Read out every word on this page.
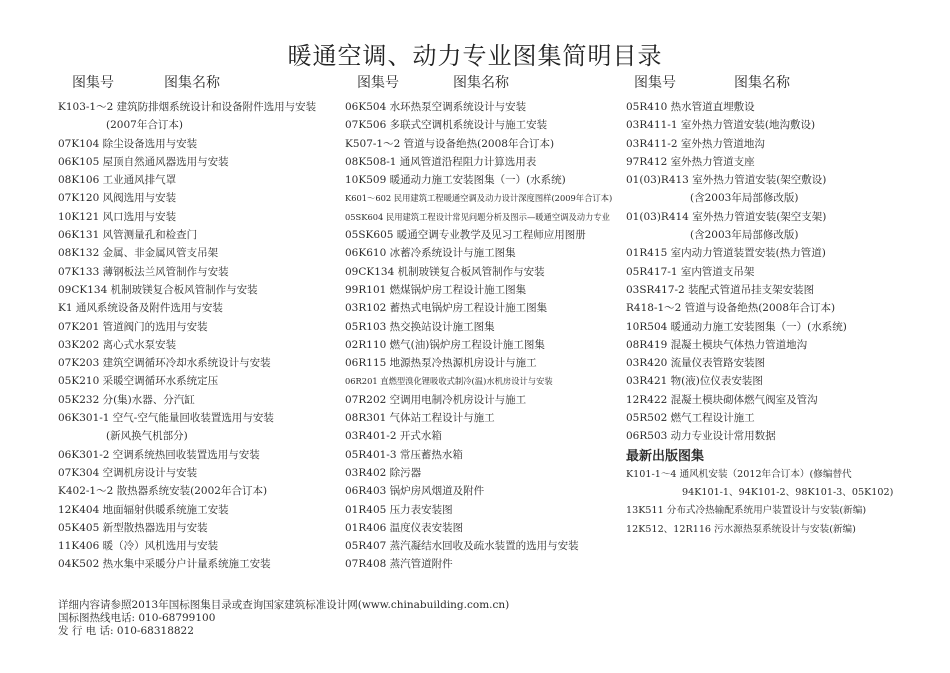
暖通空调、动力专业图集简明目录
图集号	图集名称
K103-1～2 建筑防排烟系统设计和设备附件选用与安装
(2007年合订本)
07K104 除尘设备选用与安装
06K105 屋顶自然通风器选用与安装
08K106 工业通风排气罩
07K120 风阀选用与安装
10K121 风口选用与安装
06K131 风管测量孔和检查门
08K132 金属、非金属风管支吊架
07K133 薄钢板法兰风管制作与安装
09CK134 机制玻镁复合板风管制作与安装
K1 通风系统设备及附件选用与安装
07K201 管道阀门的选用与安装
03K202 离心式水泵安装
07K203 建筑空调循环冷却水系统设计与安装
05K210 采暖空调循环水系统定压
05K232 分(集)水器、分汽缸
06K301-1 空气-空气能量回收装置选用与安装
(新风换气机部分)
06K301-2 空调系统热回收装置选用与安装
07K304 空调机房设计与安装
K402-1～2 散热器系统安装(2002年合订本)
12K404 地面辐射供暖系统施工安装
05K405 新型散热器选用与安装
11K406 暖（冷）风机选用与安装
04K502 热水集中采暖分户计量系统施工安装
图集号	图集名称
06K504 水环热泵空调系统设计与安装
07K506 多联式空调机系统设计与施工安装
K507-1～2 管道与设备绝热(2008年合订本)
08K508-1 通风管道沿程阻力计算选用表
10K509 暖通动力施工安装图集（一）(水系统)
K601～602 民用建筑工程暖通空调及动力设计深度图样(2009年合订本)
05SK604 民用建筑工程设计常见问题分析及图示—暖通空调及动力专业
05SK605 暖通空调专业教学及见习工程师应用图册
06K610 冰蓄冷系统设计与施工图集
09CK134 机制玻镁复合板风管制作与安装
99R101 燃煤锅炉房工程设计施工图集
03R102 蓄热式电锅炉房工程设计施工图集
05R103 热交换站设计施工图集
02R110 燃气(油)锅炉房工程设计施工图集
06R115 地源热泵冷热源机房设计与施工
06R201 直燃型溴化锂吸收式制冷(温)水机房设计与安装
07R202 空调用电制冷机房设计与施工
08R301 气体站工程设计与施工
03R401-2 开式水箱
05R401-3 常压蓄热水箱
03R402 除污器
06R403 锅炉房风烟道及附件
01R405 压力表安装图
01R406 温度仪表安装图
05R407 蒸汽凝结水回收及疏水装置的选用与安装
07R408 蒸汽管道附件
图集号	图集名称
05R410 热水管道直埋敷设
03R411-1 室外热力管道安装(地沟敷设)
03R411-2 室外热力管道地沟
97R412 室外热力管道支座
01(03)R413 室外热力管道安装(架空敷设)
(含2003年局部修改版)
01(03)R414 室外热力管道安装(架空支架)
(含2003年局部修改版)
01R415 室内动力管道装置安装(热力管道)
05R417-1 室内管道支吊架
03SR417-2 装配式管道吊挂支架安装图
R418-1～2 管道与设备绝热(2008年合订本)
10R504 暖通动力施工安装图集（一）(水系统)
08R419 混凝土模块气体热力管道地沟
03R420 流量仪表管路安装图
03R421 物(液)位仪表安装图
12R422 混凝土模块砌体燃气阀室及管沟
05R502 燃气工程设计施工
06R503 动力专业设计常用数据
最新出版图集
K101-1～4 通风机安装（2012年合订本）(修编替代
94K101-1、94K101-2、98K101-3、05K102)
13K511 分布式冷热输配系统用户装置设计与安装(新编)
12K512、12R116 污水源热泵系统设计与安装(新编)
详细内容请参照2013年国标图集目录或查询国家建筑标准设计网(www.chinabuilding.com.cn)
国标图热线电话: 010-68799100
发 行 电 话: 010-68318822
